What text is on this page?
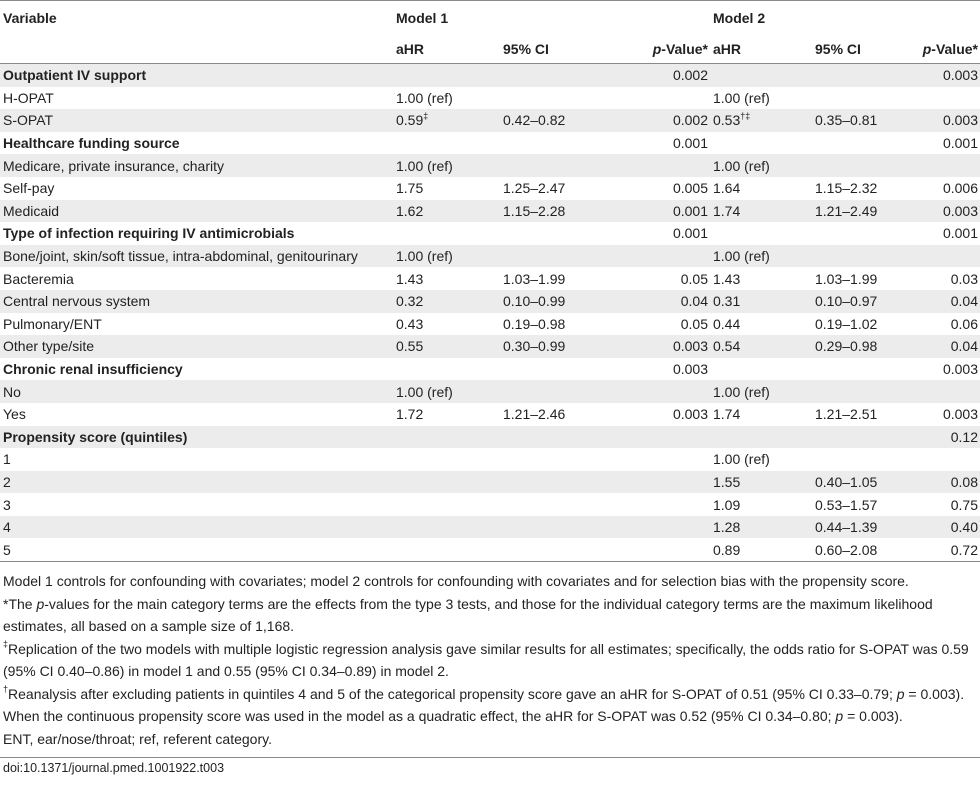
Variable	Model 1			Model 2		
	aHR	95% CI	p-Value*	aHR	95% CI	p-Value*
Outpatient IV support			0.002			0.003
H-OPAT	1.00 (ref)			1.00 (ref)		
S-OPAT	0.59‡	0.42–0.82	0.002	0.53†‡	0.35–0.81	0.003
Healthcare funding source			0.001			0.001
Medicare, private insurance, charity	1.00 (ref)			1.00 (ref)		
Self-pay	1.75	1.25–2.47	0.005	1.64	1.15–2.32	0.006
Medicaid	1.62	1.15–2.28	0.001	1.74	1.21–2.49	0.003
Type of infection requiring IV antimicrobials			0.001			0.001
Bone/joint, skin/soft tissue, intra-abdominal, genitourinary	1.00 (ref)			1.00 (ref)		
Bacteremia	1.43	1.03–1.99	0.05	1.43	1.03–1.99	0.03
Central nervous system	0.32	0.10–0.99	0.04	0.31	0.10–0.97	0.04
Pulmonary/ENT	0.43	0.19–0.98	0.05	0.44	0.19–1.02	0.06
Other type/site	0.55	0.30–0.99	0.003	0.54	0.29–0.98	0.04
Chronic renal insufficiency			0.003			0.003
No	1.00 (ref)			1.00 (ref)		
Yes	1.72	1.21–2.46	0.003	1.74	1.21–2.51	0.003
Propensity score (quintiles)						0.12
1				1.00 (ref)		
2				1.55	0.40–1.05	0.08
3				1.09	0.53–1.57	0.75
4				1.28	0.44–1.39	0.40
5				0.89	0.60–2.08	0.72
Model 1 controls for confounding with covariates; model 2 controls for confounding with covariates and for selection bias with the propensity score.
*The p-values for the main category terms are the effects from the type 3 tests, and those for the individual category terms are the maximum likelihood estimates, all based on a sample size of 1,168.
‡Replication of the two models with multiple logistic regression analysis gave similar results for all estimates; specifically, the odds ratio for S-OPAT was 0.59 (95% CI 0.40–0.86) in model 1 and 0.55 (95% CI 0.34–0.89) in model 2.
†Reanalysis after excluding patients in quintiles 4 and 5 of the categorical propensity score gave an aHR for S-OPAT of 0.51 (95% CI 0.33–0.79; p = 0.003). When the continuous propensity score was used in the model as a quadratic effect, the aHR for S-OPAT was 0.52 (95% CI 0.34–0.80; p = 0.003).
ENT, ear/nose/throat; ref, referent category.
doi:10.1371/journal.pmed.1001922.t003
